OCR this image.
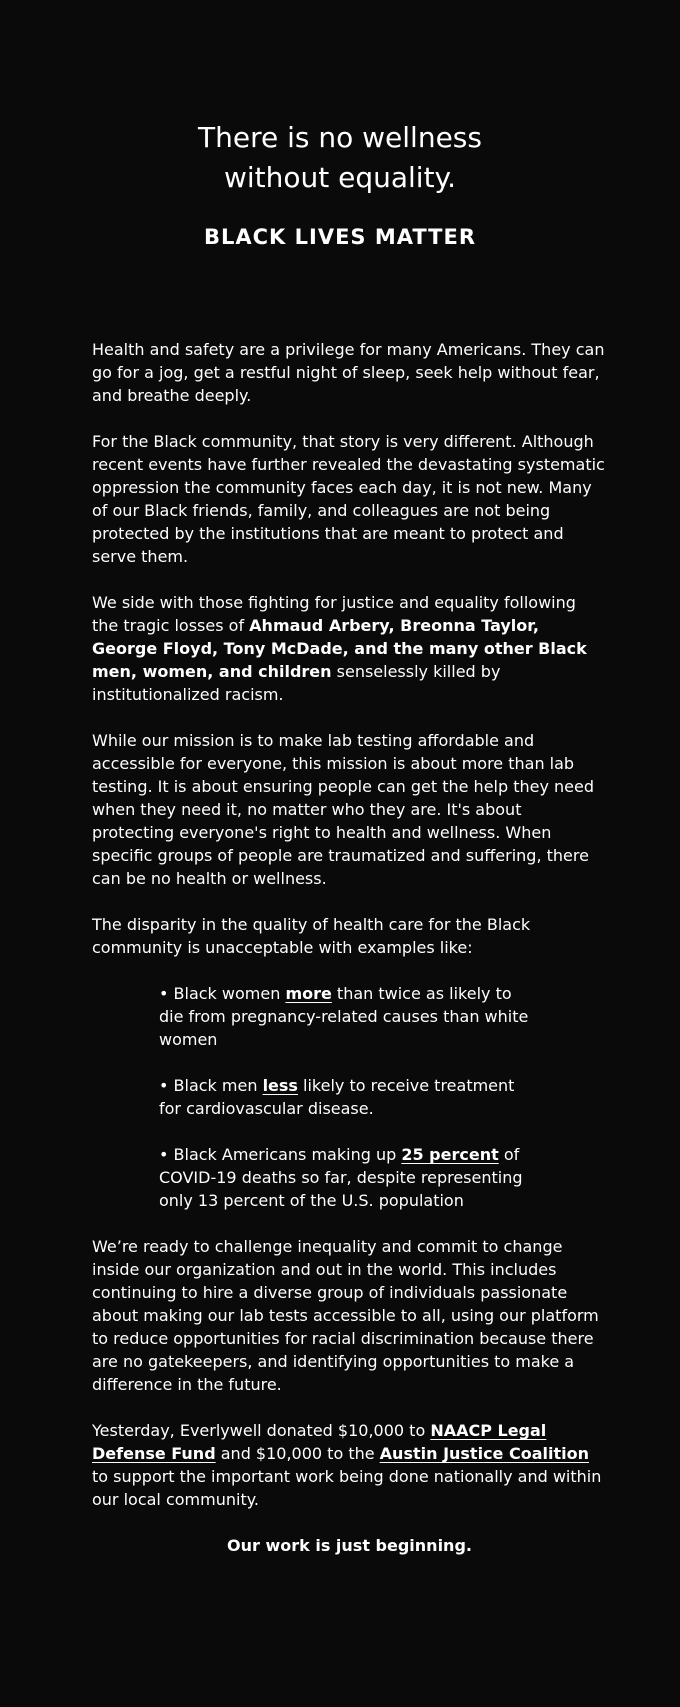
There is no wellness
without equality.
BLACK LIVES MATTER

Health and safety are a privilege for many Americans. They can go for a jog, get a restful night of sleep, seek help without fear, and breathe deeply.

For the Black community, that story is very different. Although recent events have further revealed the devastating systematic oppression the community faces each day, it is not new. Many of our Black friends, family, and colleagues are not being protected by the institutions that are meant to protect and serve them.

We side with those fighting for justice and equality following the tragic losses of Ahmaud Arbery, Breonna Taylor, George Floyd, Tony McDade, and the many other Black men, women, and children senselessly killed by institutionalized racism.

While our mission is to make lab testing affordable and accessible for everyone, this mission is about more than lab testing. It is about ensuring people can get the help they need when they need it, no matter who they are. It's about protecting everyone's right to health and wellness. When specific groups of people are traumatized and suffering, there can be no health or wellness.

The disparity in the quality of health care for the Black community is unacceptable with examples like:

• Black women more than twice as likely to die from pregnancy-related causes than white women
• Black men less likely to receive treatment for cardiovascular disease.
• Black Americans making up 25 percent of COVID-19 deaths so far, despite representing only 13 percent of the U.S. population

We’re ready to challenge inequality and commit to change inside our organization and out in the world. This includes continuing to hire a diverse group of individuals passionate about making our lab tests accessible to all, using our platform to reduce opportunities for racial discrimination because there are no gatekeepers, and identifying opportunities to make a difference in the future.

Yesterday, Everlywell donated $10,000 to NAACP Legal Defense Fund and $10,000 to the Austin Justice Coalition to support the important work being done nationally and within our local community.

Our work is just beginning.
